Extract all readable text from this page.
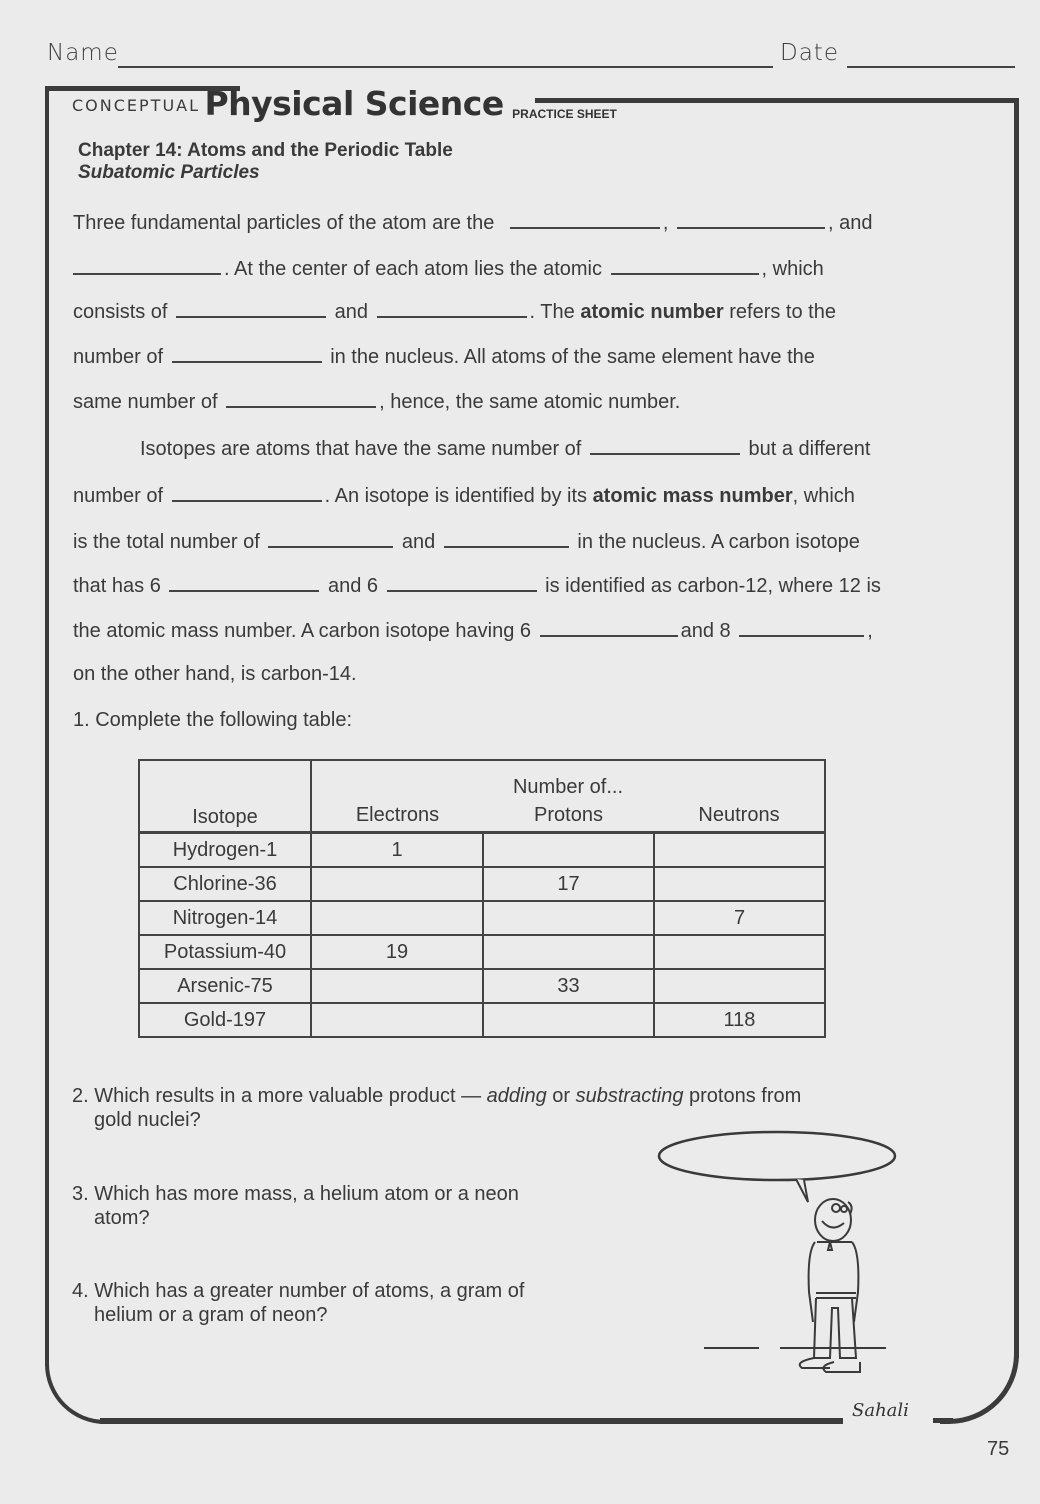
Name	Date
CONCEPTUAL Physical Science PRACTICE SHEET
Chapter 14: Atoms and the Periodic Table
Subatomic Particles
Three fundamental particles of the atom are the	,	, and
. At the center of each atom lies the atomic	, which
consists of	and	. The atomic number refers to the
number of	in the nucleus. All atoms of the same element have the
same number of	, hence, the same atomic number.
Isotopes are atoms that have the same number of	but a different
number of	. An isotope is identified by its atomic mass number, which
is the total number of	and	in the nucleus. A carbon isotope
that has 6	and 6	is identified as carbon-12, where 12 is
the atomic mass number. A carbon isotope having 6	and 8	,
on the other hand, is carbon-14.
1. Complete the following table:
Isotope	Number of...		
	Electrons	Protons	Neutrons
Hydrogen-1	1		
Chlorine-36		17	
Nitrogen-14			7
Potassium-40	19		
Arsenic-75		33	
Gold-197			118
2. Which results in a more valuable product — adding or substracting protons from
gold nuclei?
3. Which has more mass, a helium atom or a neon
atom?
4. Which has a greater number of atoms, a gram of
helium or a gram of neon?
Sahali
75
